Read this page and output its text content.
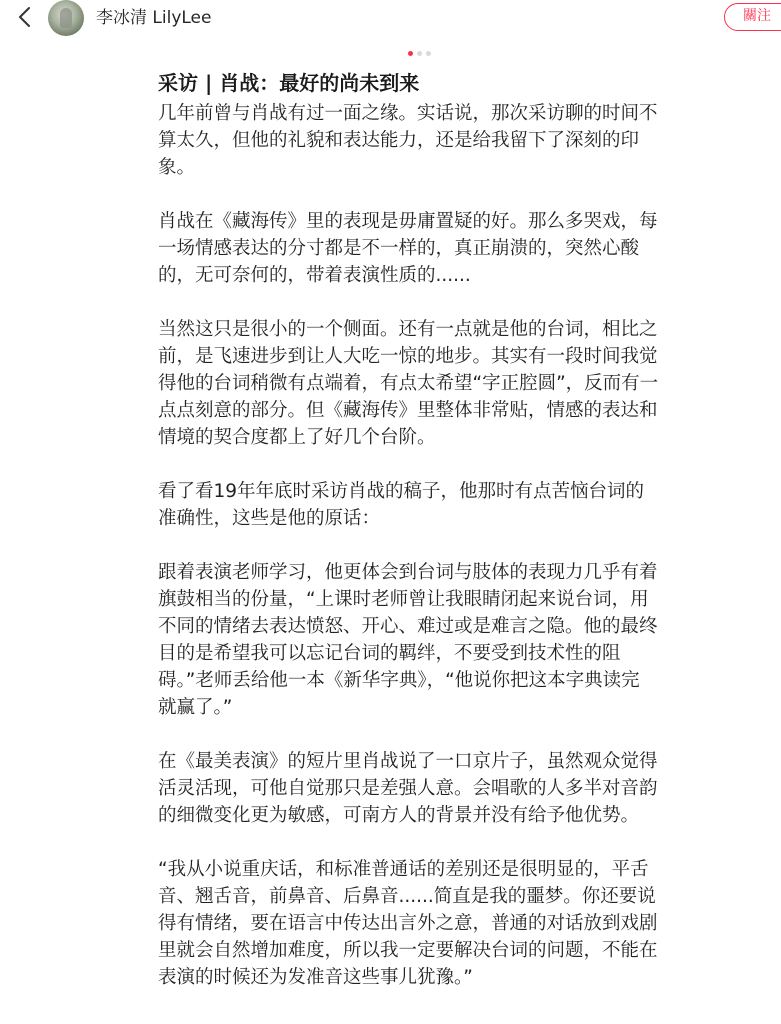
李冰清 LilyLee	關注

采访 | 肖战：最好的尚未到来

几年前曾与肖战有过一面之缘。实话说，那次采访聊的时间不
算太久，但他的礼貌和表达能力，还是给我留下了深刻的印
象。

肖战在《藏海传》里的表现是毋庸置疑的好。那么多哭戏，每
一场情感表达的分寸都是不一样的，真正崩溃的，突然心酸
的，无可奈何的，带着表演性质的......

当然这只是很小的一个侧面。还有一点就是他的台词，相比之
前，是飞速进步到让人大吃一惊的地步。其实有一段时间我觉
得他的台词稍微有点端着，有点太希望“字正腔圆”，反而有一
点点刻意的部分。但《藏海传》里整体非常贴，情感的表达和
情境的契合度都上了好几个台阶。

看了看19年年底时采访肖战的稿子，他那时有点苦恼台词的
准确性，这些是他的原话：

跟着表演老师学习，他更体会到台词与肢体的表现力几乎有着
旗鼓相当的份量，“上课时老师曾让我眼睛闭起来说台词，用
不同的情绪去表达愤怒、开心、难过或是难言之隐。他的最终
目的是希望我可以忘记台词的羁绊，不要受到技术性的阻
碍。”老师丢给他一本《新华字典》，“他说你把这本字典读完
就赢了。”

在《最美表演》的短片里肖战说了一口京片子，虽然观众觉得
活灵活现，可他自觉那只是差强人意。会唱歌的人多半对音韵
的细微变化更为敏感，可南方人的背景并没有给予他优势。

“我从小说重庆话，和标准普通话的差别还是很明显的，平舌
音、翘舌音，前鼻音、后鼻音......简直是我的噩梦。你还要说
得有情绪，要在语言中传达出言外之意，普通的对话放到戏剧
里就会自然增加难度，所以我一定要解决台词的问题，不能在
表演的时候还为发准音这些事儿犹豫。”
